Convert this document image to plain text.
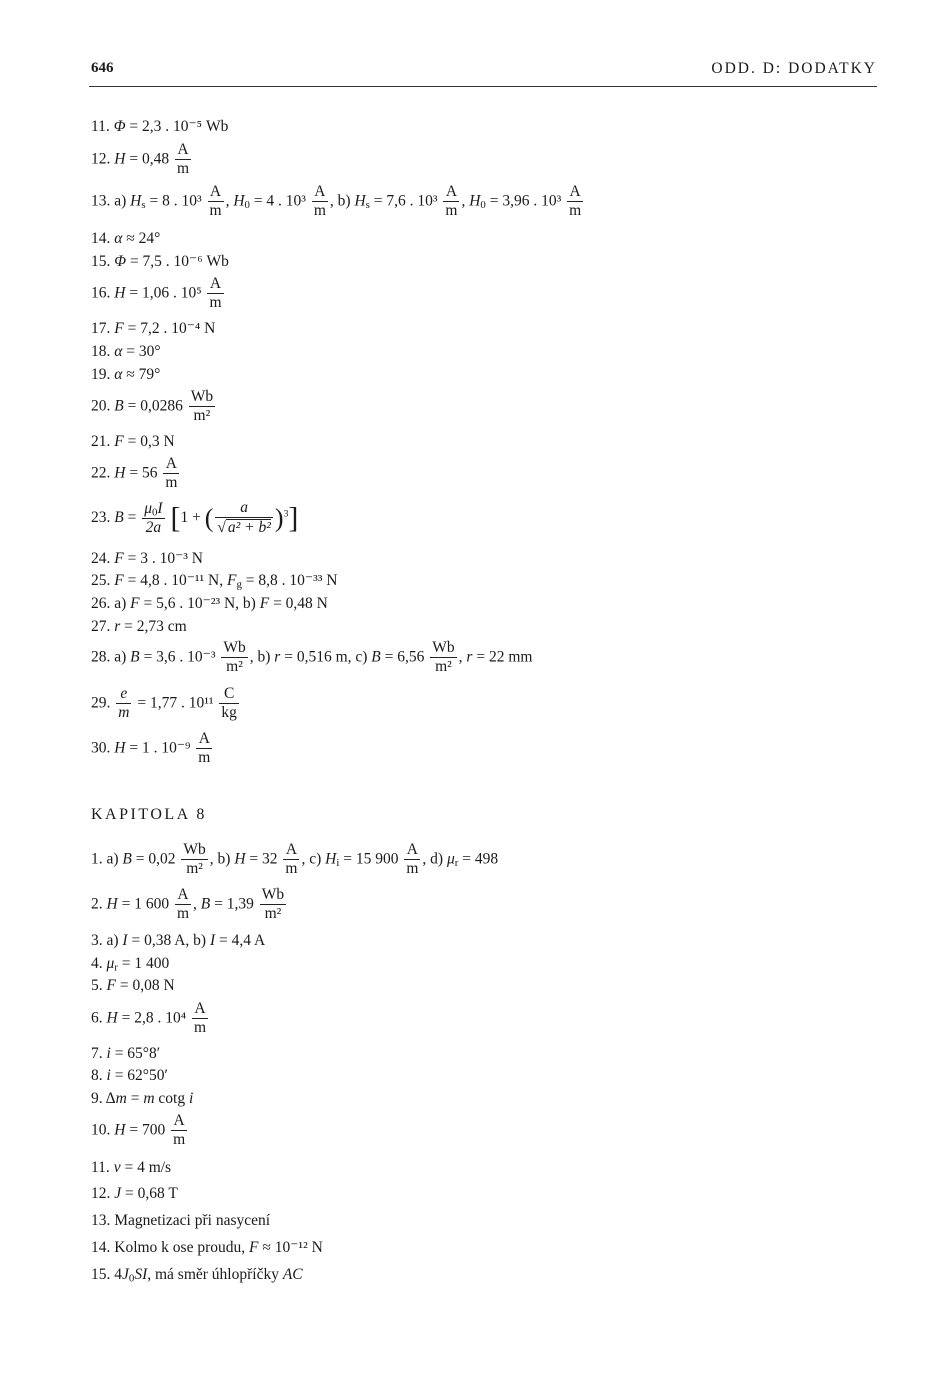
646	ODD. D: DODATKY
11. Φ = 2,3 . 10⁻⁵ Wb
12. $H = 0,48 \frac{A}{m}$
13. a) $H_s = 8$ . $10^3 \frac{A}{m}$ , $H_0 = 4$ . $10^3 \frac{A}{m}$ , b) $H_s = 7,6$ . $10^3 \frac{A}{m}$ , $H_0 = 3,96$ . $10^3 \frac{A}{m}$
14. α ≈ 24°
15. Φ = 7,5 . 10⁻⁶ Wb
16. H = 1,06 . $10^5 \frac{A}{m}$
17. F = 7,2 . 10⁻⁴ N
18. α = 30°
19. α ≈ 79°
20. $B = 0,0286 \frac{Wb}{\text{m²}}$
21. F = 0,3 N
22. $H = 56 \frac{A}{m}$
23. $B = \frac{\mu_0I}{2a} [1$ + ( $\frac{a}{\text{√ a² + b²}} )^3$]
24. F = 3 . 10⁻³ N
25. F = 4,8 . 10⁻¹¹ N, $F_g = 8,8$ . 10⁻³³ N
26. a) F = 5,6 . 10⁻²³ N, b) F = 0,48 N
27. r = 2,73 cm
28. a) B = 3,6 . $10^{-3} \frac{Wb}{\text{m²}}$ , b) r = 0,516 m, c) $B = 6,56 \frac{Wb}{\text{m²}}$ , r = 22 mm
29. $\frac{e}{m} = 1,77$ . $10^{11} \frac{C}{kg}$
30. H = 1 . $10^{-9} \frac{A}{m}$
KAPITOLA 8
1. a) $B = 0,02 \frac{Wb}{\text{m²}}$ , b) $H = 32 \frac{A}{m}$ , c) $H_i = 15$ $900 \frac{A}{m}$ , d) $\mu_r = 498$
2. H = 1 $600 \frac{A}{m}$ , $B = 1,39 \frac{Wb}{\text{m²}}$
3. a) I = 0,38 A, b) I = 4,4 A
4. $\mu_r = 1$ 400
5. F = 0,08 N
6. H = 2,8 . $10^4 \frac{A}{m}$
7. i = 65°8′
8. i = 62°50′
9. Δm = m cotg i
10. $H = 700 \frac{A}{m}$
11. v = 4 m/s
12. J = 0,68 T
13. Magnetizaci při nasycení
14. Kolmo k ose proudu, F ≈ 10⁻¹² N
15. $4J_0SI$, má směr úhlopříčky AC
